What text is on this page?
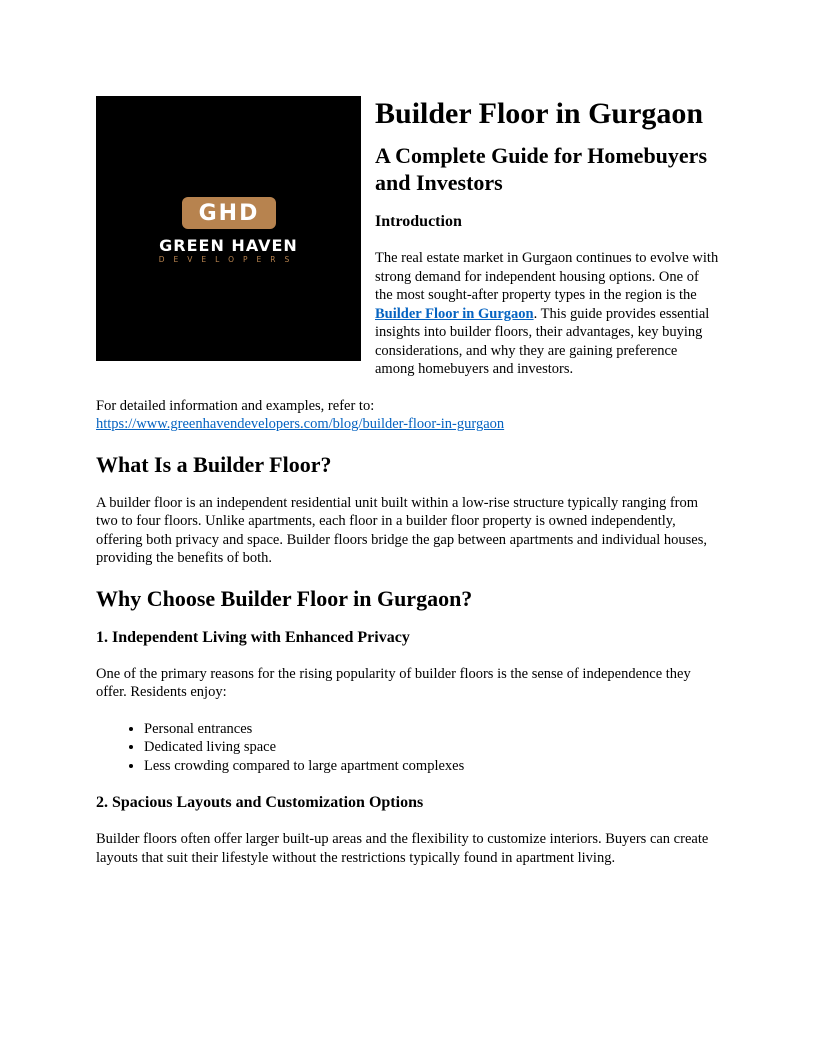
GHD
GREEN HAVEN
DEVELOPERS
Builder Floor in Gurgaon
A Complete Guide for Homebuyers and Investors
Introduction

The real estate market in Gurgaon continues to evolve with strong demand for independent housing options. One of the most sought-after property types in the region is the Builder Floor in Gurgaon. This guide provides essential insights into builder floors, their advantages, key buying considerations, and why they are gaining preference among homebuyers and investors.

For detailed information and examples, refer to:
https://www.greenhavendevelopers.com/blog/builder-floor-in-gurgaon

What Is a Builder Floor?

A builder floor is an independent residential unit built within a low-rise structure typically ranging from two to four floors. Unlike apartments, each floor in a builder floor property is owned independently, offering both privacy and space. Builder floors bridge the gap between apartments and individual houses, providing the benefits of both.

Why Choose Builder Floor in Gurgaon?
1. Independent Living with Enhanced Privacy

One of the primary reasons for the rising popularity of builder floors is the sense of independence they offer. Residents enjoy:

• Personal entrances
• Dedicated living space
• Less crowding compared to large apartment complexes
2. Spacious Layouts and Customization Options

Builder floors often offer larger built-up areas and the flexibility to customize interiors. Buyers can create layouts that suit their lifestyle without the restrictions typically found in apartment living.
